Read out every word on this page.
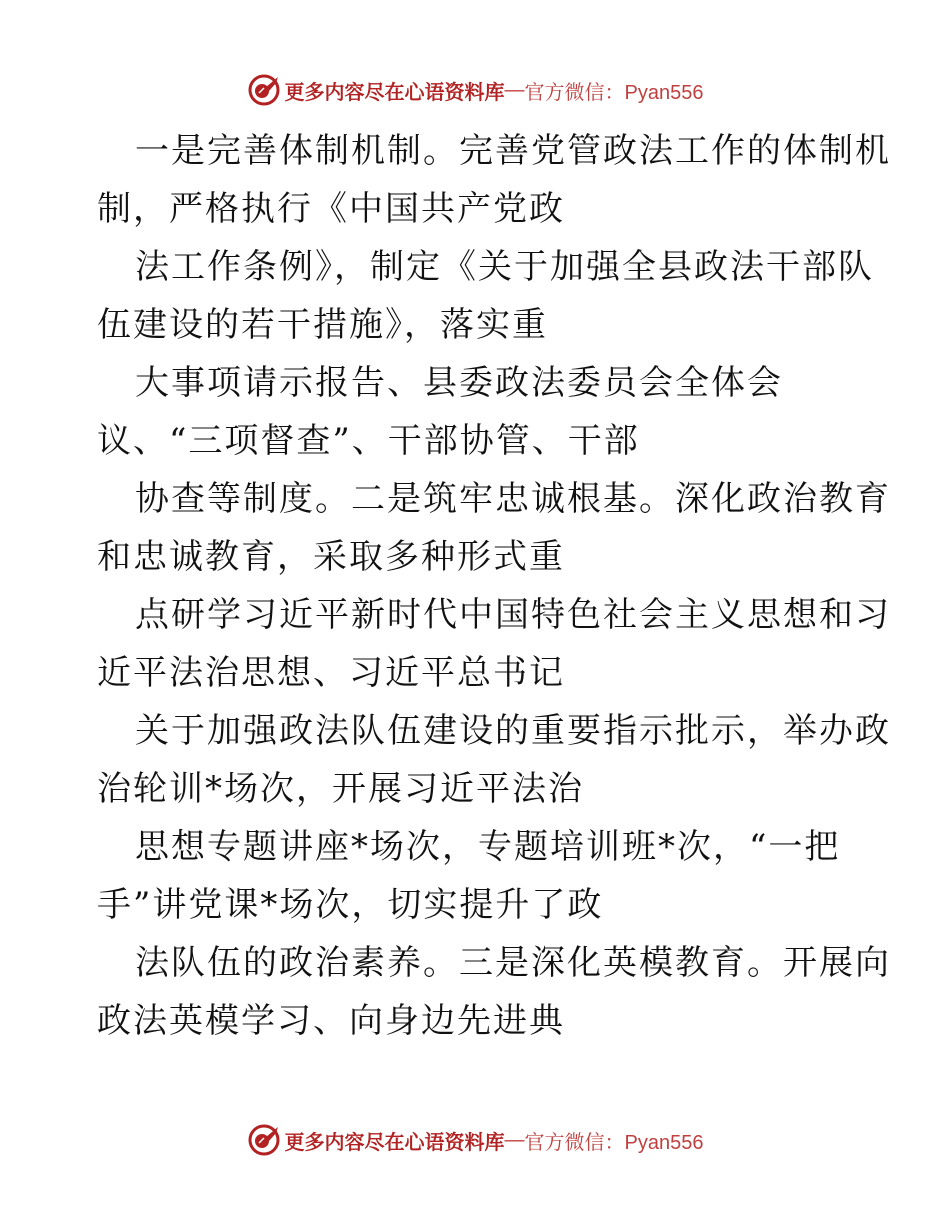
更多内容尽在心语资料库 — 官方微信：Pyan556
一是完善体制机制。完善党管政法工作的体制机
制，严格执行《中国共产党政
法工作条例》，制定《关于加强全县政法干部队
伍建设的若干措施》，落实重
大事项请示报告、县委政法委员会全体会
议、“三项督查”、干部协管、干部
协查等制度。二是筑牢忠诚根基。深化政治教育
和忠诚教育，采取多种形式重
点研学习近平新时代中国特色社会主义思想和习
近平法治思想、习近平总书记
关于加强政法队伍建设的重要指示批示，举办政
治轮训*场次，开展习近平法治
思想专题讲座*场次，专题培训班*次，“一把
手”讲党课*场次，切实提升了政
法队伍的政治素养。三是深化英模教育。开展向
政法英模学习、向身边先进典
更多内容尽在心语资料库 — 官方微信：Pyan556
